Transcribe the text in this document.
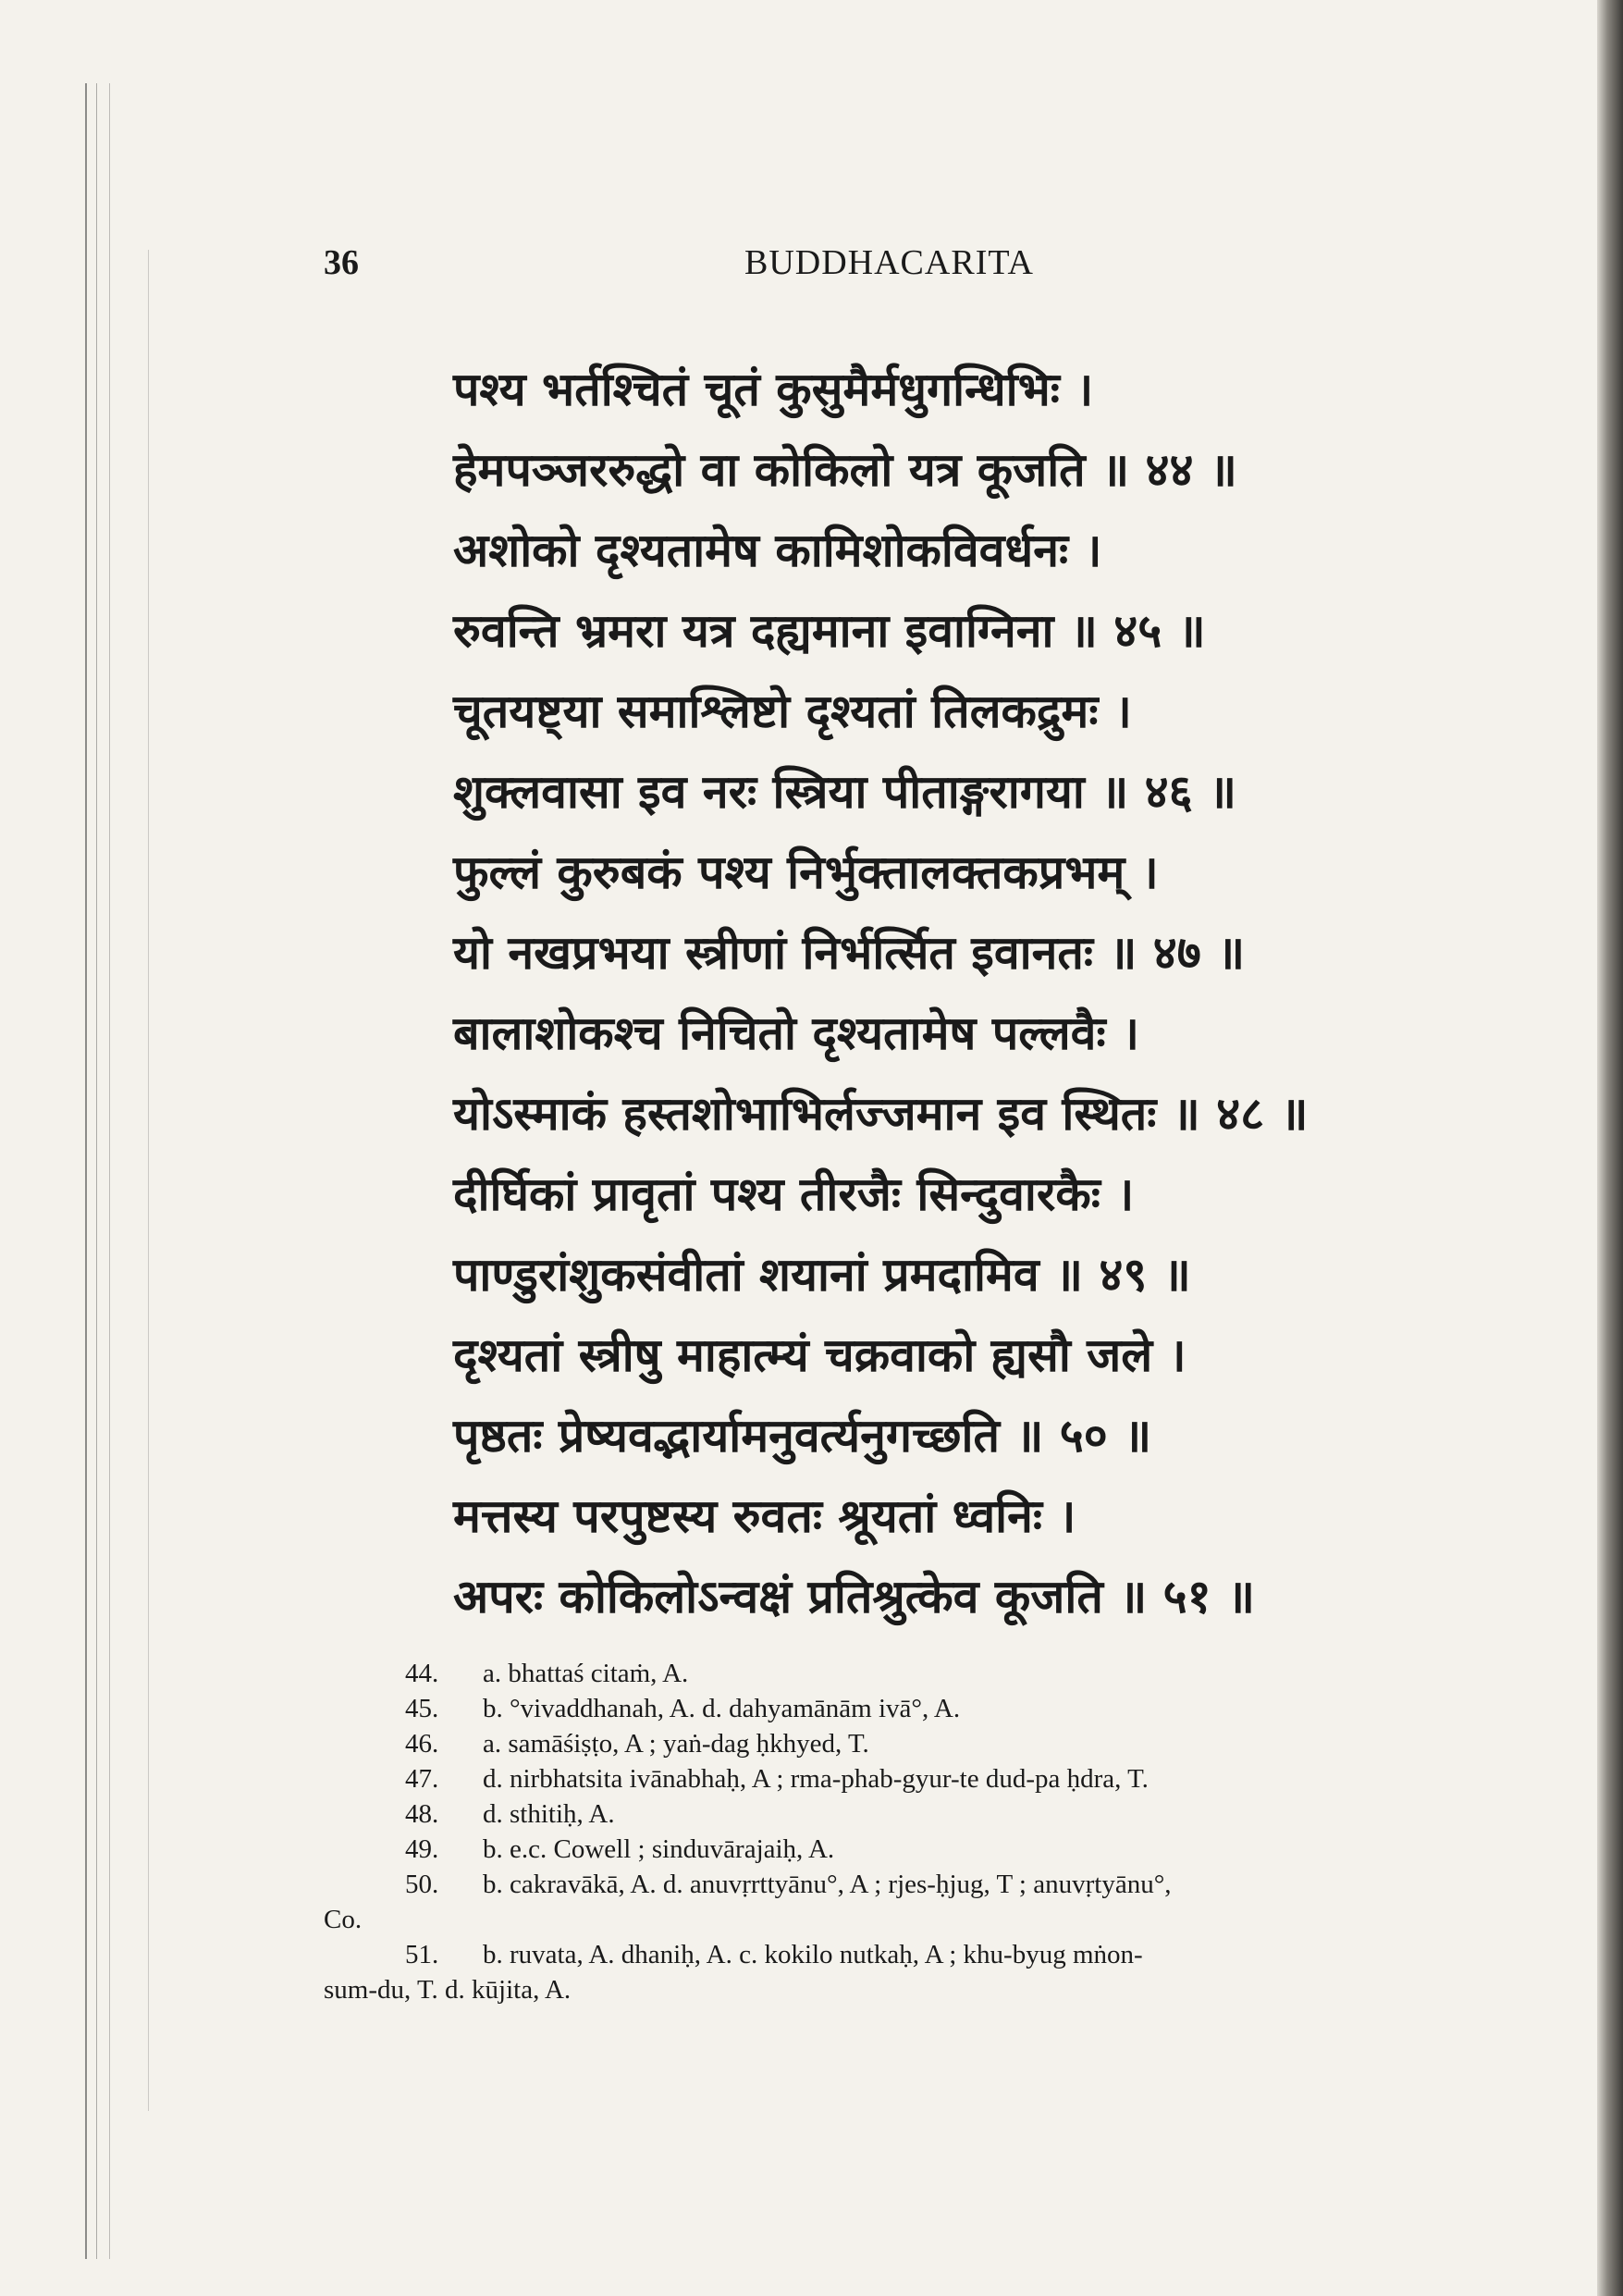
36	BUDDHACARITA
पश्य भर्तश्चितं चूतं कुसुमैर्मधुगन्धिभिः ।
हेमपञ्जररुद्धो वा कोकिलो यत्र कूजति ॥ ४४ ॥
अशोको दृश्यतामेष कामिशोकविवर्धनः ।
रुवन्ति भ्रमरा यत्र दह्यमाना इवाग्निना ॥ ४५ ॥
चूतयष्ट्या समाश्लिष्टो दृश्यतां तिलकद्रुमः ।
शुक्लवासा इव नरः स्त्रिया पीताङ्गरागया ॥ ४६ ॥
फुल्लं कुरुबकं पश्य निर्भुक्तालक्तकप्रभम् ।
यो नखप्रभया स्त्रीणां निर्भर्त्सित इवानतः ॥ ४७ ॥
बालाशोकश्च निचितो दृश्यतामेष पल्लवैः ।
योऽस्माकं हस्तशोभाभिर्लज्जमान इव स्थितः ॥ ४८ ॥
दीर्घिकां प्रावृतां पश्य तीरजैः सिन्दुवारकैः ।
पाण्डुरांशुकसंवीतां शयानां प्रमदामिव ॥ ४९ ॥
दृश्यतां स्त्रीषु माहात्म्यं चक्रवाको ह्यसौ जले ।
पृष्ठतः प्रेष्यवद्भार्यामनुवर्त्यनुगच्छति ॥ ५० ॥
मत्तस्य परपुष्टस्य रुवतः श्रूयतां ध्वनिः ।
अपरः कोकिलोऽन्वक्षं प्रतिश्रुत्केव कूजति ॥ ५१ ॥
44. a. bhattaś citaṁ, A.
45. b. °vivaddhanah, A. d. dahyamānām ivā°, A.
46. a. samāśiṣṭo, A ; yaṅ-dag ḥkhyed, T.
47. d. nirbhatsita ivānabhaḥ, A ; rma-phab-gyur-te dud-pa ḥdra, T.
48. d. sthitiḥ, A.
49. b. e.c. Cowell ; sinduvārajaiḥ, A.
50. b. cakravākā, A. d. anuvṛrttyānu°, A ; rjes-ḥjug, T ; anuvṛtyānu°,
Co.
51. b. ruvata, A. dhaniḥ, A. c. kokilo nutkaḥ, A ; khu-byug mṅon-
sum-du, T. d. kūjita, A.
